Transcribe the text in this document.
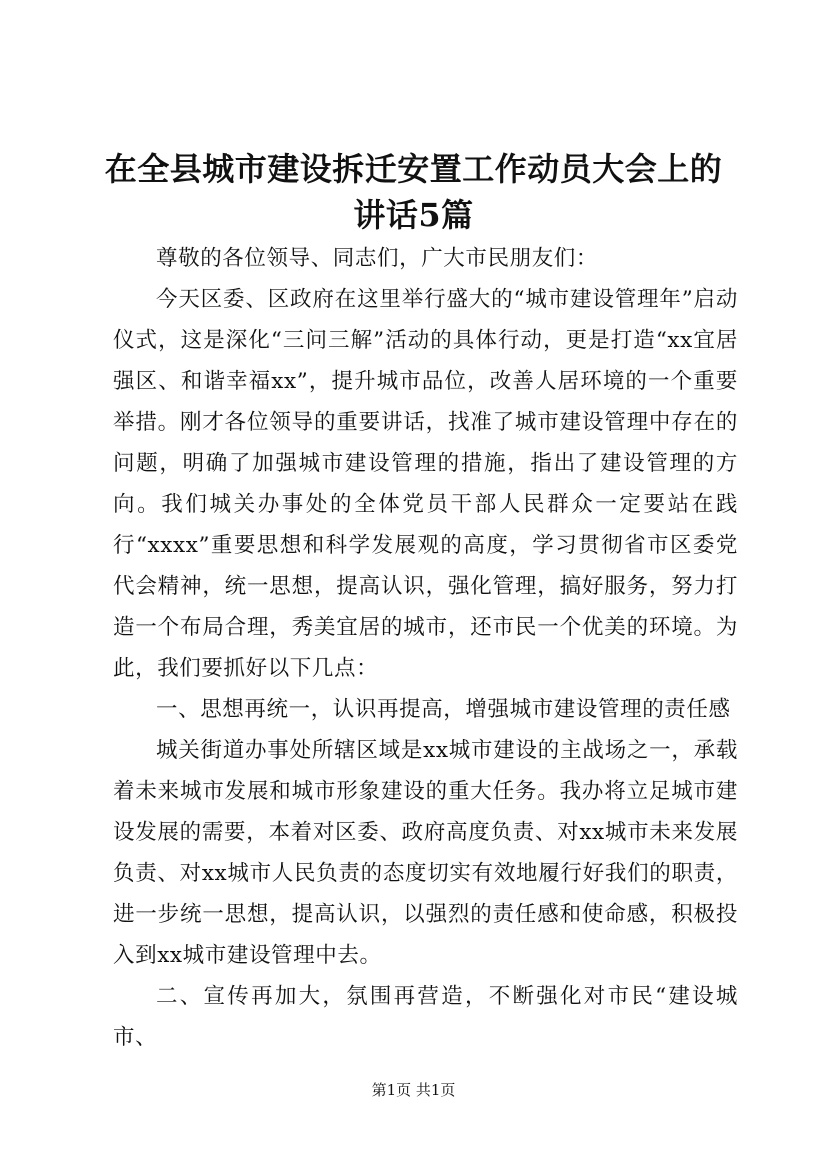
在全县城市建设拆迁安置工作动员大会上的讲话5篇

尊敬的各位领导、同志们，广大市民朋友们：

今天区委、区政府在这里举行盛大的“城市建设管理年”启动仪式，这是深化“三问三解”活动的具体行动，更是打造“xx宜居强区、和谐幸福xx”，提升城市品位，改善人居环境的一个重要举措。刚才各位领导的重要讲话，找准了城市建设管理中存在的问题，明确了加强城市建设管理的措施，指出了建设管理的方向。我们城关办事处的全体党员干部人民群众一定要站在践行“xxxx”重要思想和科学发展观的高度，学习贯彻省市区委党代会精神，统一思想，提高认识，强化管理，搞好服务，努力打造一个布局合理，秀美宜居的城市，还市民一个优美的环境。为此，我们要抓好以下几点：

一、思想再统一，认识再提高，增强城市建设管理的责任感

城关街道办事处所辖区域是xx城市建设的主战场之一，承载着未来城市发展和城市形象建设的重大任务。我办将立足城市建设发展的需要，本着对区委、政府高度负责、对xx城市未来发展负责、对xx城市人民负责的态度切实有效地履行好我们的职责，进一步统一思想，提高认识，以强烈的责任感和使命感，积极投入到xx城市建设管理中去。

二、宣传再加大，氛围再营造，不断强化对市民“建设城市、

第1页 共1页
